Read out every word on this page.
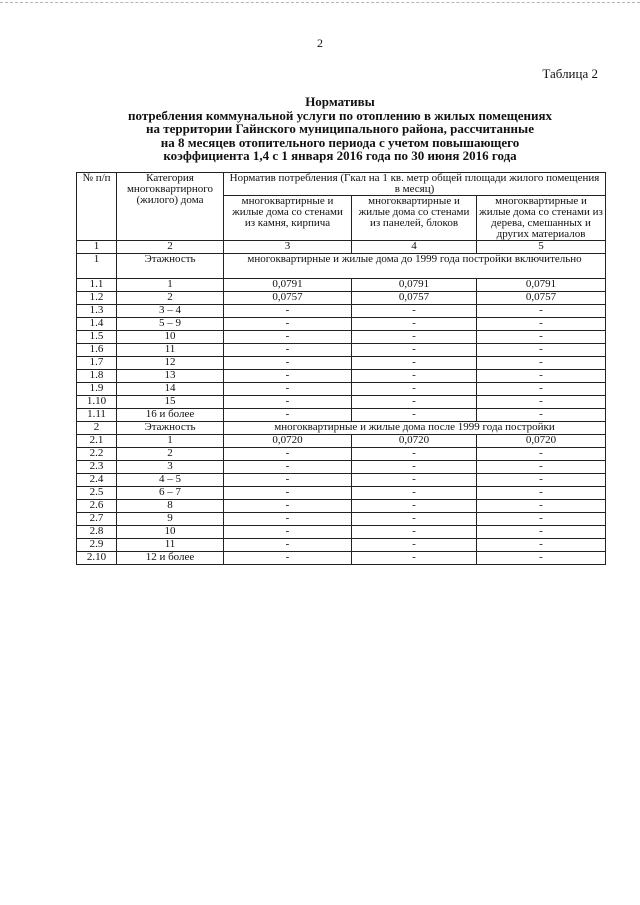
2
Таблица 2
Нормативы
потребления коммунальной услуги по отоплению в жилых помещениях
на территории Гайнского муниципального района, рассчитанные
на 8 месяцев отопительного периода с учетом повышающего
коэффициента 1,4 с 1 января 2016 года по 30 июня 2016 года
№ п/п	Категория многоквартирного (жилого) дома	Норматив потребления (Гкал на 1 кв. метр общей площади жилого помещения в месяц)		
		многоквартирные и жилые дома со стенами из камня, кирпича	многоквартирные и жилые дома со стенами из панелей, блоков	многоквартирные и жилые дома со стенами из дерева, смешанных и других материалов
1	2	3	4	5
1	Этажность	многоквартирные и жилые дома до 1999 года постройки включительно		
1.1	1	0,0791	0,0791	0,0791
1.2	2	0,0757	0,0757	0,0757
1.3	3 – 4	-	-	-
1.4	5 – 9	-	-	-
1.5	10	-	-	-
1.6	11	-	-	-
1.7	12	-	-	-
1.8	13	-	-	-
1.9	14	-	-	-
1.10	15	-	-	-
1.11	16 и более	-	-	-
2	Этажность	многоквартирные и жилые дома после 1999 года постройки		
2.1	1	0,0720	0,0720	0,0720
2.2	2	-	-	-
2.3	3	-	-	-
2.4	4 – 5	-	-	-
2.5	6 – 7	-	-	-
2.6	8	-	-	-
2.7	9	-	-	-
2.8	10	-	-	-
2.9	11	-	-	-
2.10	12 и более	-	-	-
